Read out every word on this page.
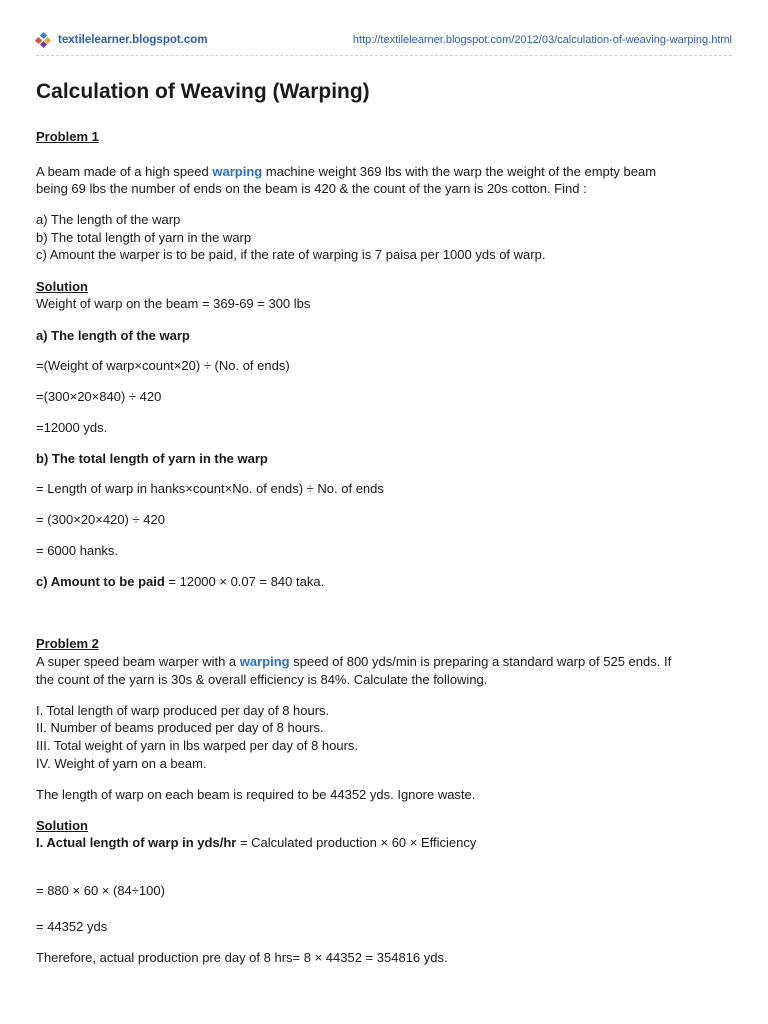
textilelearner.blogspot.com	http://textilelearner.blogspot.com/2012/03/calculation-of-weaving-warping.html
Calculation of Weaving (Warping)
Problem 1
A beam made of a high speed warping machine weight 369 lbs with the warp the weight of the empty beam
being 69 lbs the number of ends on the beam is 420 & the count of the yarn is 20s cotton. Find :
a) The length of the warp
b) The total length of yarn in the warp
c) Amount the warper is to be paid, if the rate of warping is 7 paisa per 1000 yds of warp.
Solution
Weight of warp on the beam = 369-69 = 300 lbs
a) The length of the warp
=(Weight of warp×count×20) ÷ (No. of ends)
=(300×20×840) ÷ 420
=12000 yds.
b) The total length of yarn in the warp
= Length of warp in hanks×count×No. of ends) ÷ No. of ends
= (300×20×420) ÷ 420
= 6000 hanks.
c) Amount to be paid = 12000 × 0.07 = 840 taka.
Problem 2
A super speed beam warper with a warping speed of 800 yds/min is preparing a standard warp of 525 ends. If
the count of the yarn is 30s & overall efficiency is 84%. Calculate the following.
I. Total length of warp produced per day of 8 hours.
II. Number of beams produced per day of 8 hours.
III. Total weight of yarn in lbs warped per day of 8 hours.
IV. Weight of yarn on a beam.
The length of warp on each beam is required to be 44352 yds. Ignore waste.
Solution
I. Actual length of warp in yds/hr = Calculated production × 60 × Efficiency
= 880 × 60 × (84÷100)
= 44352 yds
Therefore, actual production pre day of 8 hrs= 8 × 44352 = 354816 yds.
